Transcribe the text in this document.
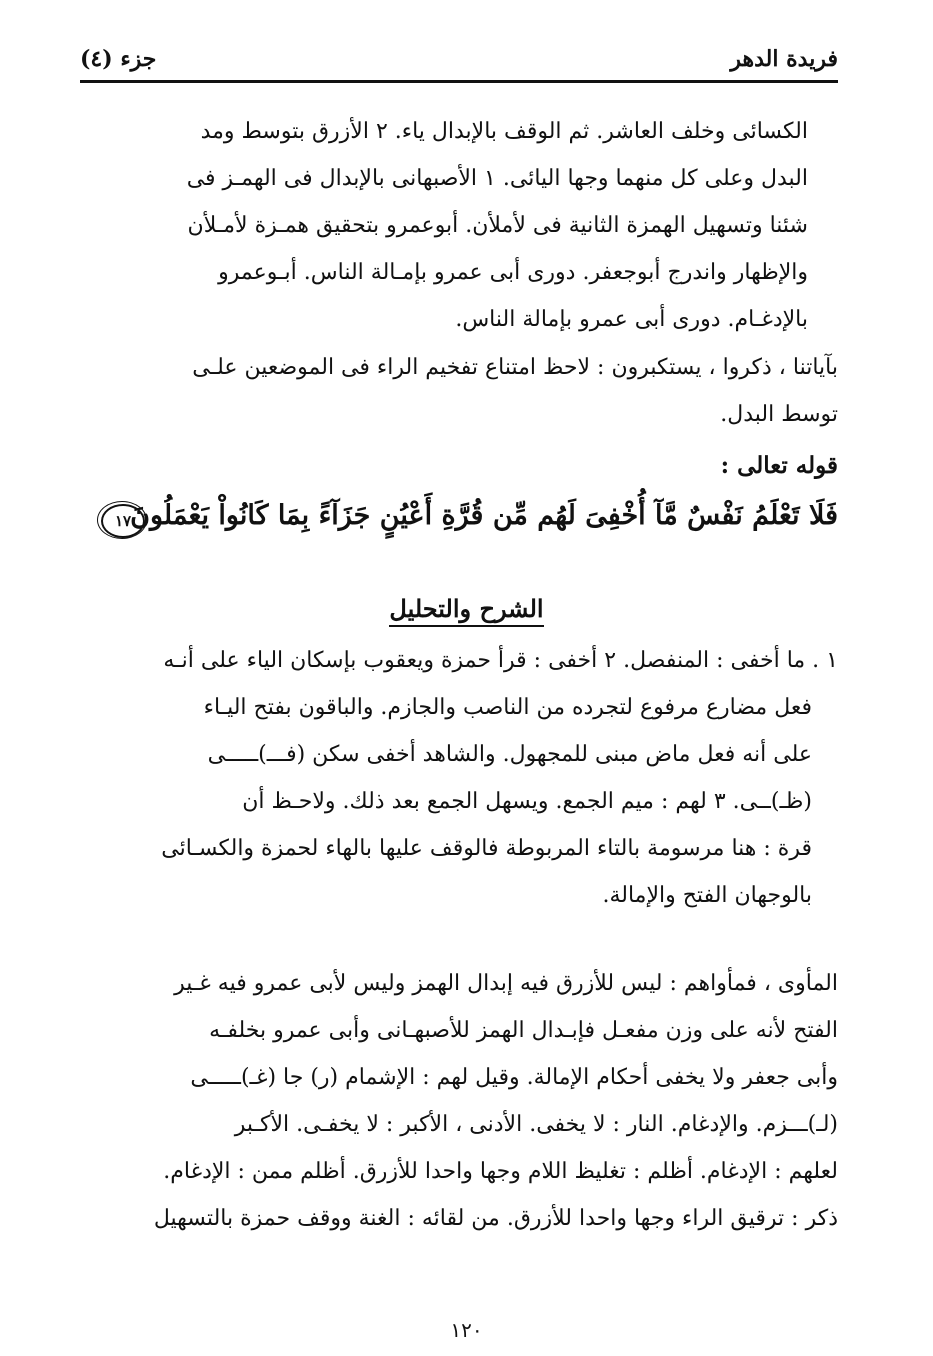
فريدة الدهر
جزء (٤)
الكسائى وخلف العاشر. ثم الوقف بالإبدال ياء. ٢ الأزرق بتوسط ومد
البدل وعلى كل منهما وجها اليائى. ١ الأصبهانى بالإبدال فى الهمـز فى
شئنا وتسهيل الهمزة الثانية فى لأملأن. أبوعمرو بتحقيق همـزة لأمـلأن
والإظهار واندرج أبوجعفر. دورى أبى عمرو بإمـالة الناس. أبـوعمرو
بالإدغـام. دورى أبى عمرو بإمالة الناس.
بآياتنا ، ذكروا ، يستكبرون : لاحظ امتناع تفخيم الراء فى الموضعين علـى
توسط البدل.
قوله تعالى :
فَلَا تَعْلَمُ نَفْسٌ مَّآ أُخْفِىَ لَهُم مِّن قُرَّةِ أَعْيُنٍ جَزَآءً بِمَا كَانُواْ يَعْمَلُونَ
١٧
الشرح والتحليل
١ . ما أخفى : المنفصل. ٢ أخفى : قرأ حمزة ويعقوب بإسكان الياء على أنـه
فعل مضارع مرفوع لتجرده من الناصب والجازم. والباقون بفتح اليـاء
على أنه فعل ماض مبنى للمجهول. والشاهد أخفى سكن (فـــ)ـــــى
(ظـ)ــى. ٣ لهم : ميم الجمع. ويسهل الجمع بعد ذلك. ولاحـظ أن
قرة : هنا مرسومة بالتاء المربوطة فالوقف عليها بالهاء لحمزة والكسـائى
بالوجهان الفتح والإمالة.
المأوى ، فمأواهم : ليس للأزرق فيه إبدال الهمز وليس لأبى عمرو فيه غـير
الفتح لأنه على وزن مفعـل فإبـدال الهمز للأصبهـانى وأبى عمرو بخلفـه
وأبى جعفر ولا يخفى أحكام الإمالة. وقيل لهم : الإشمام (ر) جا (غـ)ـــــى
(لـ)ـــزم. والإدغام. النار : لا يخفى. الأدنى ، الأكبر : لا يخفـى. الأكـبر
لعلهم : الإدغام. أظلم : تغليظ اللام وجها واحدا للأزرق. أظلم ممن : الإدغام.
ذكر : ترقيق الراء وجها واحدا للأزرق. من لقائه : الغنة ووقف حمزة بالتسهيل
١٢٠
